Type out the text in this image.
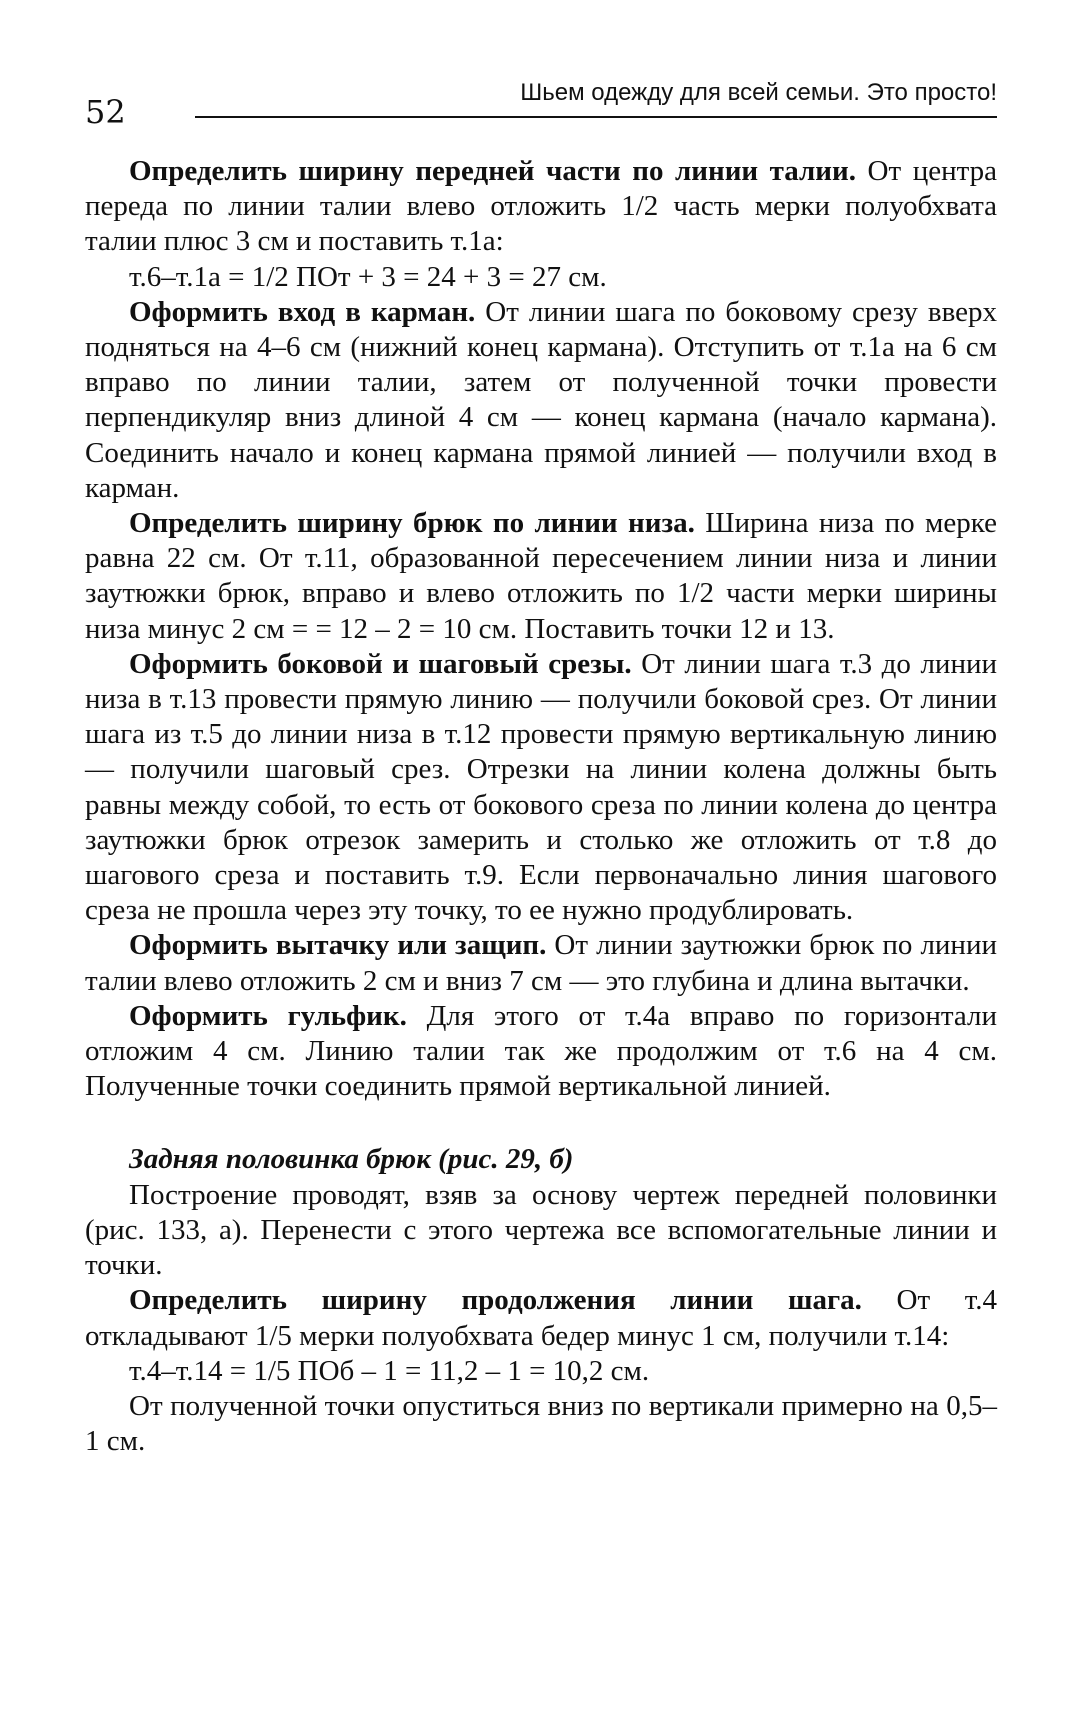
52
Шьем одежду для всей семьи. Это просто!

Определить ширину передней части по линии талии. От центра переда по линии талии влево отложить 1/2 часть мерки полуобхвата талии плюс 3 см и поставить т.1а:

т.6–т.1а = 1/2 ПОт + 3 = 24 + 3 = 27 см.

Оформить вход в карман. От линии шага по боковому срезу вверх подняться на 4–6 см (нижний конец кармана). Отступить от т.1а на 6 см вправо по линии талии, затем от полученной точки провести перпендикуляр вниз длиной 4 см — конец кармана (начало кармана). Соединить начало и конец кармана прямой линией — получили вход в карман.

Определить ширину брюк по линии низа. Ширина низа по мерке равна 22 см. От т.11, образованной пересечением линии низа и линии заутюжки брюк, вправо и влево отложить по 1/2 части мерки ширины низа минус 2 см = = 12 – 2 = 10 см. Поставить точки 12 и 13.

Оформить боковой и шаговый срезы. От линии шага т.3 до линии низа в т.13 провести прямую линию — получили боковой срез. От линии шага из т.5 до линии низа в т.12 провести прямую вертикальную линию — получили шаговый срез. Отрезки на линии колена должны быть равны между собой, то есть от бокового среза по линии колена до центра заутюжки брюк отрезок замерить и столько же отложить от т.8 до шагового среза и поставить т.9. Если первоначально линия шагового среза не прошла через эту точку, то ее нужно продублировать.

Оформить вытачку или защип. От линии заутюжки брюк по линии талии влево отложить 2 см и вниз 7 см — это глубина и длина вытачки.

Оформить гульфик. Для этого от т.4а вправо по горизонтали отложим 4 см. Линию талии так же продолжим от т.6 на 4 см. Полученные точки соединить прямой вертикальной линией.

Задняя половинка брюк (рис. 29, б)

Построение проводят, взяв за основу чертеж передней половинки (рис. 133, а). Перенести с этого чертежа все вспомогательные линии и точки.

Определить ширину продолжения линии шага. От т.4 откладывают 1/5 мерки полуобхвата бедер минус 1 см, получили т.14:

т.4–т.14 = 1/5 ПОб – 1 = 11,2 – 1 = 10,2 см.

От полученной точки опуститься вниз по вертикали примерно на 0,5–1 см.
